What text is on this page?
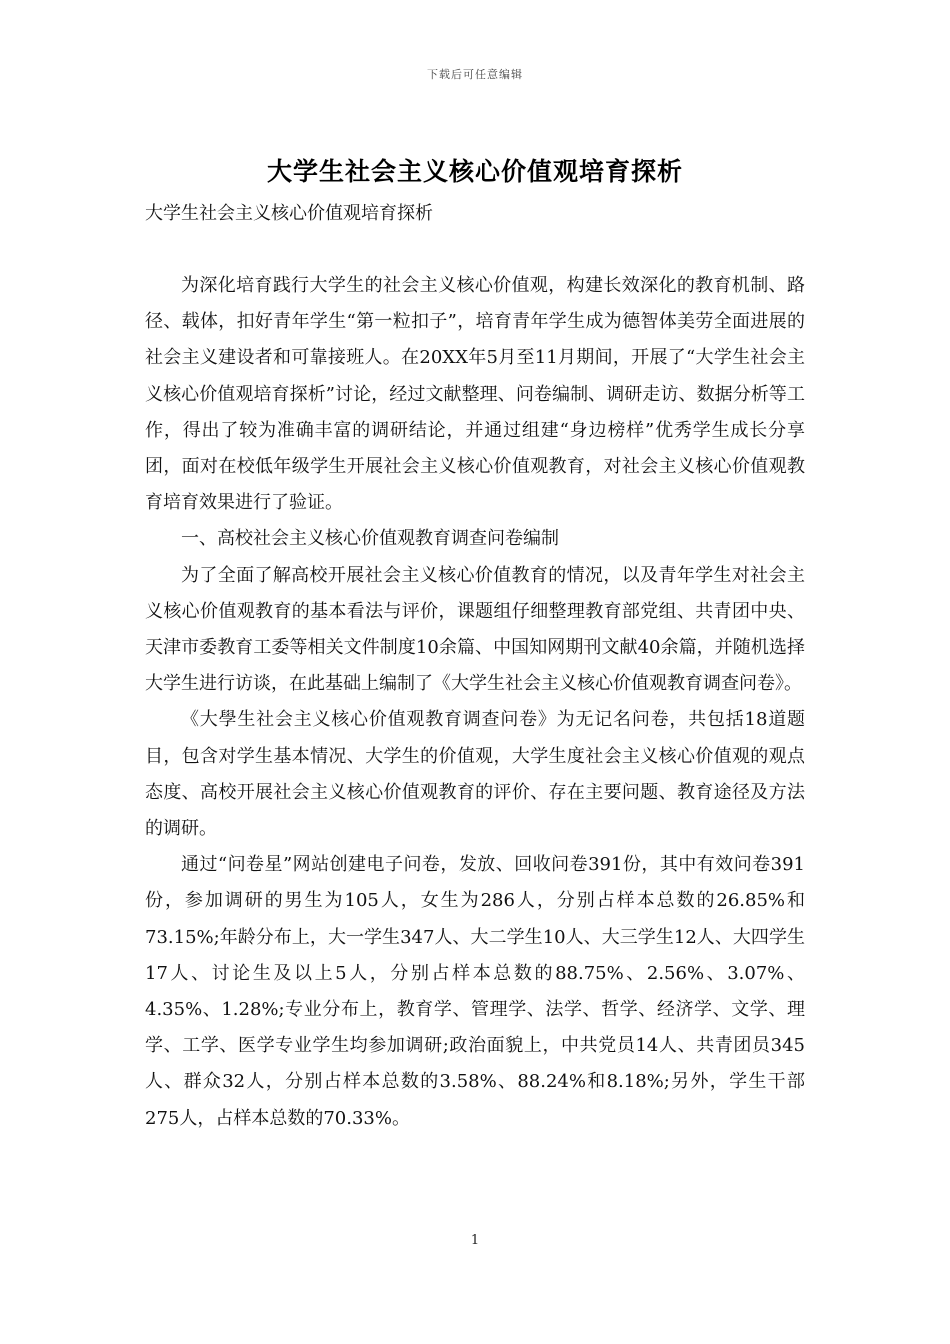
下载后可任意编辑
大学生社会主义核心价值观培育探析
大学生社会主义核心价值观培育探析

为深化培育践行大学生的社会主义核心价值观，构建长效深化的教育机制、路径、载体，扣好青年学生“第一粒扣子”，培育青年学生成为德智体美劳全面进展的社会主义建设者和可靠接班人。在20XX年5月至11月期间，开展了“大学生社会主义核心价值观培育探析”讨论，经过文献整理、问卷编制、调研走访、数据分析等工作，得出了较为准确丰富的调研结论，并通过组建“身边榜样”优秀学生成长分享团，面对在校低年级学生开展社会主义核心价值观教育，对社会主义核心价值观教育培育效果进行了验证。

一、高校社会主义核心价值观教育调查问卷编制

为了全面了解高校开展社会主义核心价值教育的情况，以及青年学生对社会主义核心价值观教育的基本看法与评价，课题组仔细整理教育部党组、共青团中央、天津市委教育工委等相关文件制度10余篇、中国知网期刊文献40余篇，并随机选择大学生进行访谈，在此基础上编制了《大学生社会主义核心价值观教育调查问卷》。

《大學生社会主义核心价值观教育调查问卷》为无记名问卷，共包括18道题目，包含对学生基本情况、大学生的价值观，大学生度社会主义核心价值观的观点态度、高校开展社会主义核心价值观教育的评价、存在主要问题、教育途径及方法的调研。

通过“问卷星”网站创建电子问卷，发放、回收问卷391份，其中有效问卷391份，参加调研的男生为105人，女生为286人，分别占样本总数的26.85%和73.15%;年龄分布上，大一学生347人、大二学生10人、大三学生12人、大四学生17人、讨论生及以上5人，分别占样本总数的88.75%、2.56%、3.07%、4.35%、1.28%;专业分布上，教育学、管理学、法学、哲学、经济学、文学、理学、工学、医学专业学生均参加调研;政治面貌上，中共党员14人、共青团员345人、群众32人，分别占样本总数的3.58%、88.24%和8.18%;另外，学生干部275人，占样本总数的70.33%。

1
